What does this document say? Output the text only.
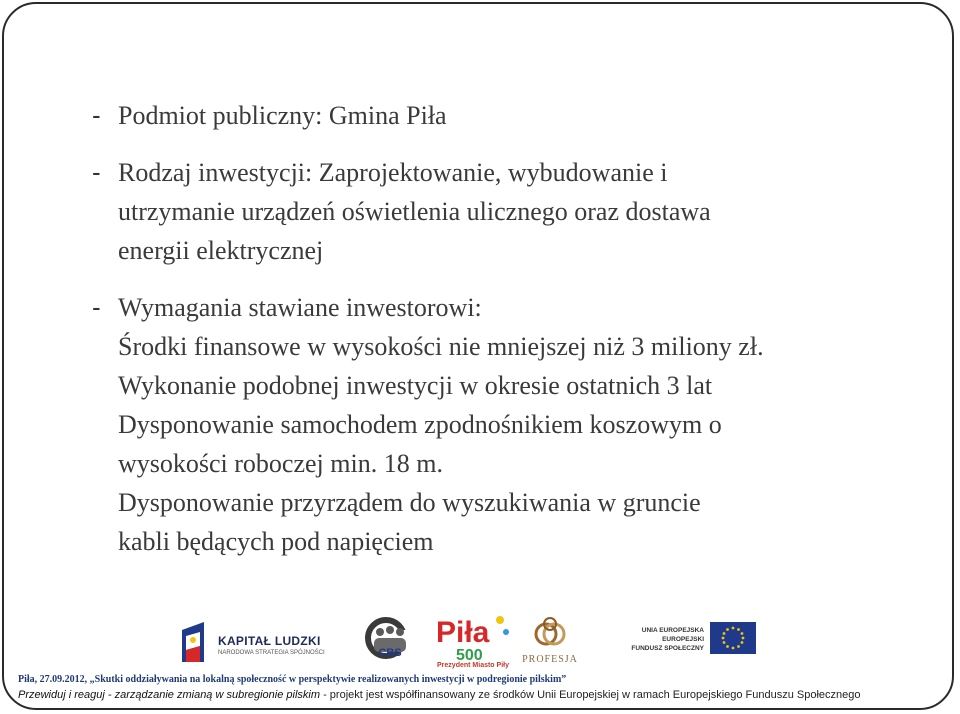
- Podmiot publiczny: Gmina Piła
- Rodzaj inwestycji: Zaprojektowanie, wybudowanie i
utrzymanie urządzeń oświetlenia ulicznego oraz dostawa
energii elektrycznej
- Wymagania stawiane inwestorowi:
Środki finansowe w wysokości nie mniejszej niż 3 miliony zł.
Wykonanie podobnej inwestycji w okresie ostatnich 3 lat
Dysponowanie samochodem zpodnośnikiem koszowym o
wysokości roboczej min. 18 m.
Dysponowanie przyrządem do wyszukiwania w gruncie
kabli będących pod napięciem
KAPITAŁ LUDZKI
NARODOWA STRATEGIA SPÓJNOŚCI	CBS
Piła
500
Prezydent Miasto Piły
PROFESJA
UNIA EUROPEJSKA
EUROPEJSKI
FUNDUSZ SPOŁECZNY
Piła, 27.09.2012, „Skutki oddziaływania na lokalną społeczność w perspektywie realizowanych inwestycji w podregionie pilskim”
Przewiduj i reaguj - zarządzanie zmianą w subregionie pilskim - projekt jest współfinansowany ze środków Unii Europejskiej w ramach Europejskiego Funduszu Społecznego
